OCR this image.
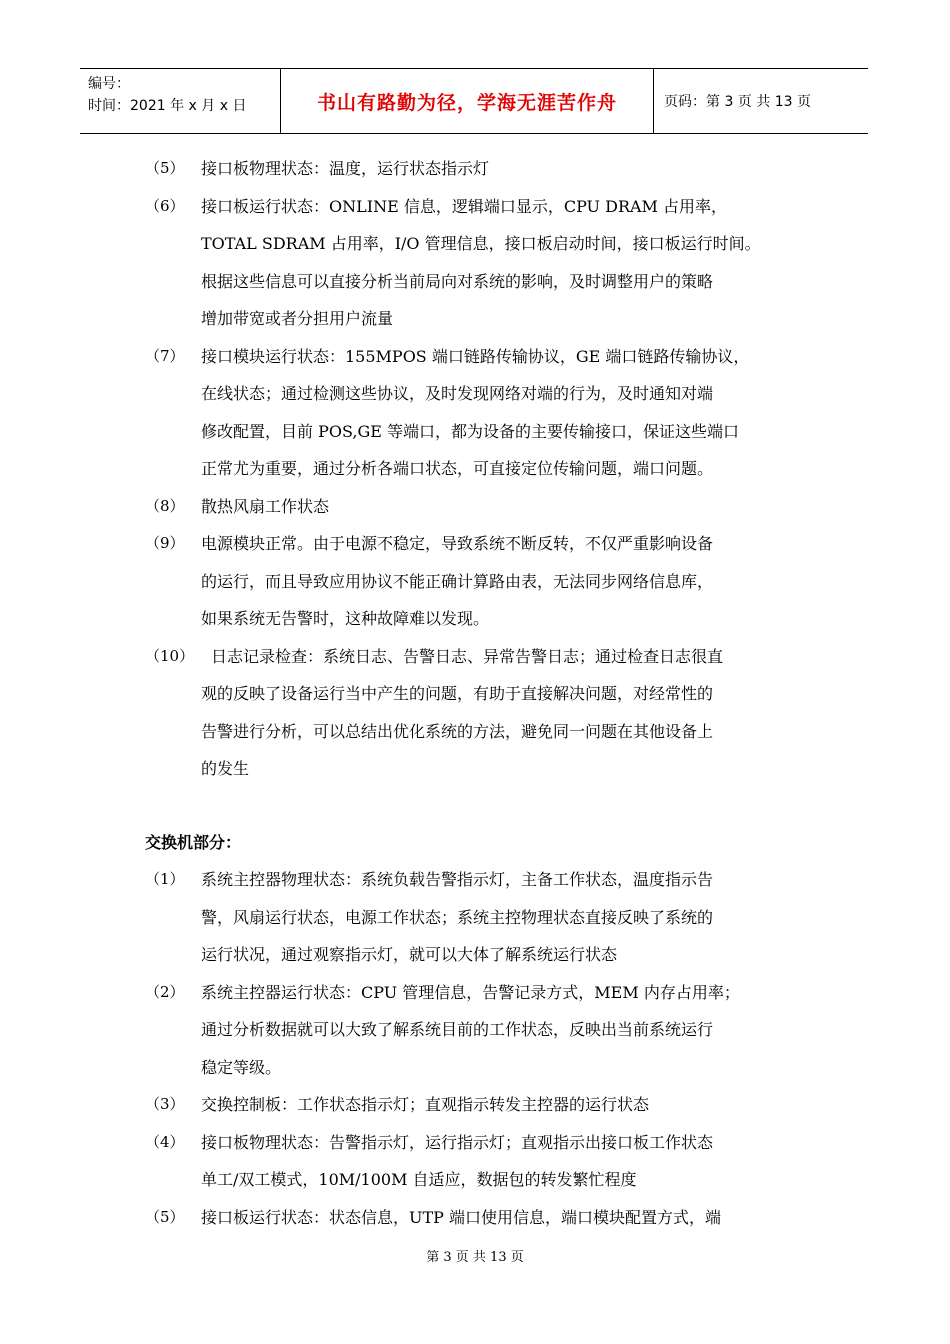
编号：
时间：2021 年 x 月 x 日	书山有路勤为径，学海无涯苦作舟	页码：第 3 页 共 13 页
（5）	接口板物理状态：温度，运行状态指示灯
（6）	接口板运行状态：ONLINE 信息，逻辑端口显示，CPU DRAM 占用率，
TOTAL SDRAM 占用率，I/O 管理信息，接口板启动时间，接口板运行时间。
根据这些信息可以直接分析当前局向对系统的影响，及时调整用户的策略
增加带宽或者分担用户流量
（7）	接口模块运行状态：155MPOS 端口链路传输协议，GE 端口链路传输协议，
在线状态；通过检测这些协议，及时发现网络对端的行为，及时通知对端
修改配置，目前 POS,GE 等端口，都为设备的主要传输接口，保证这些端口
正常尤为重要，通过分析各端口状态，可直接定位传输问题，端口问题。
（8）	散热风扇工作状态
（9）	电源模块正常。由于电源不稳定，导致系统不断反转，不仅严重影响设备
的运行，而且导致应用协议不能正确计算路由表，无法同步网络信息库，
如果系统无告警时，这种故障难以发现。
（10）	日志记录检查：系统日志、告警日志、异常告警日志；通过检查日志很直
观的反映了设备运行当中产生的问题，有助于直接解决问题，对经常性的
告警进行分析，可以总结出优化系统的方法，避免同一问题在其他设备上
的发生
交换机部分：
（1）	系统主控器物理状态：系统负载告警指示灯，主备工作状态，温度指示告
警，风扇运行状态，电源工作状态；系统主控物理状态直接反映了系统的
运行状况，通过观察指示灯，就可以大体了解系统运行状态
（2）	系统主控器运行状态：CPU 管理信息，告警记录方式，MEM 内存占用率；
通过分析数据就可以大致了解系统目前的工作状态，反映出当前系统运行
稳定等级。
（3）	交换控制板：工作状态指示灯；直观指示转发主控器的运行状态
（4）	接口板物理状态：告警指示灯，运行指示灯；直观指示出接口板工作状态
单工/双工模式，10M/100M 自适应，数据包的转发繁忙程度
（5）	接口板运行状态：状态信息，UTP 端口使用信息，端口模块配置方式，端
第 3 页 共 13 页
